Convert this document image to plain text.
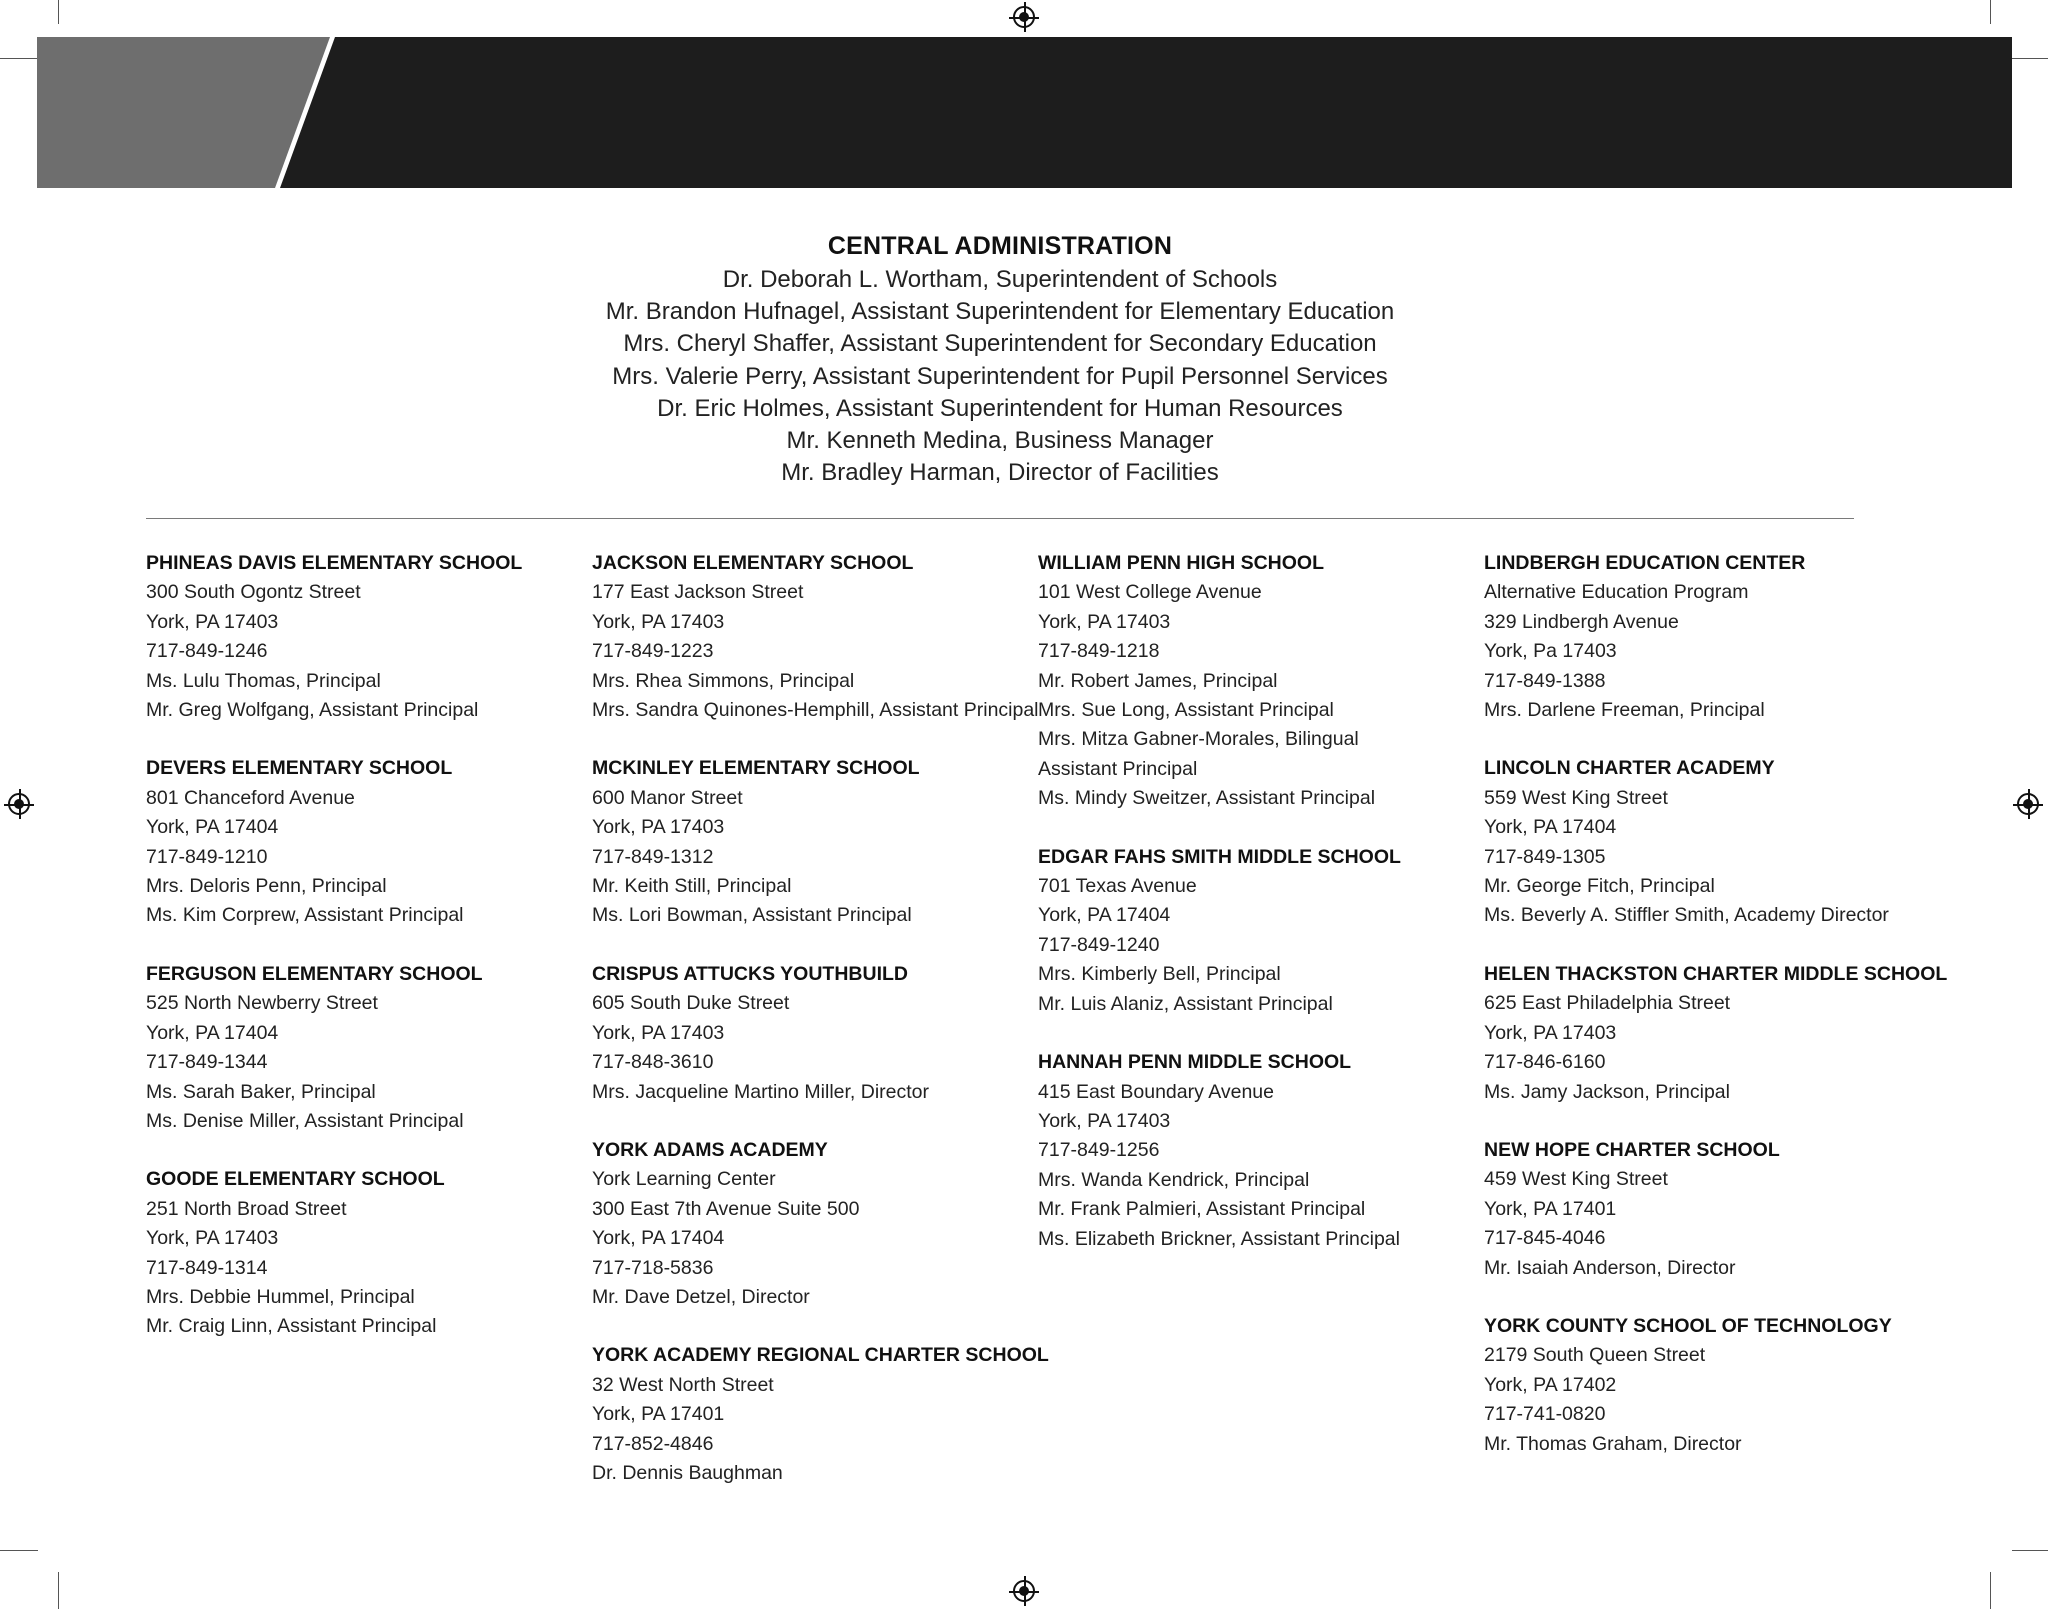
CENTRAL ADMINISTRATION
Dr. Deborah L. Wortham, Superintendent of Schools
Mr. Brandon Hufnagel, Assistant Superintendent for Elementary Education
Mrs. Cheryl Shaffer, Assistant Superintendent for Secondary Education
Mrs. Valerie Perry, Assistant Superintendent for Pupil Personnel Services
Dr. Eric Holmes, Assistant Superintendent for Human Resources
Mr. Kenneth Medina, Business Manager
Mr. Bradley Harman, Director of Facilities
PHINEAS DAVIS ELEMENTARY SCHOOL
300 South Ogontz Street
York, PA 17403
717-849-1246
Ms. Lulu Thomas, Principal
Mr. Greg Wolfgang, Assistant Principal
DEVERS ELEMENTARY SCHOOL
801 Chanceford Avenue
York, PA 17404
717-849-1210
Mrs. Deloris Penn, Principal
Ms. Kim Corprew, Assistant Principal
FERGUSON ELEMENTARY SCHOOL
525 North Newberry Street
York, PA 17404
717-849-1344
Ms. Sarah Baker, Principal
Ms. Denise Miller, Assistant Principal
GOODE ELEMENTARY SCHOOL
251 North Broad Street
York, PA 17403
717-849-1314
Mrs. Debbie Hummel, Principal
Mr. Craig Linn, Assistant Principal
JACKSON ELEMENTARY SCHOOL
177 East Jackson Street
York, PA 17403
717-849-1223
Mrs. Rhea Simmons, Principal
Mrs. Sandra Quinones-Hemphill, Assistant Principal
MCKINLEY ELEMENTARY SCHOOL
600 Manor Street
York, PA 17403
717-849-1312
Mr. Keith Still, Principal
Ms. Lori Bowman, Assistant Principal
CRISPUS ATTUCKS YOUTHBUILD
605 South Duke Street
York, PA 17403
717-848-3610
Mrs. Jacqueline Martino Miller, Director
YORK ADAMS ACADEMY
York Learning Center
300 East 7th Avenue Suite 500
York, PA 17404
717-718-5836
Mr. Dave Detzel, Director
YORK ACADEMY REGIONAL CHARTER SCHOOL
32 West North Street
York, PA 17401
717-852-4846
Dr. Dennis Baughman
WILLIAM PENN HIGH SCHOOL
101 West College Avenue
York, PA 17403
717-849-1218
Mr. Robert James, Principal
Mrs. Sue Long, Assistant Principal
Mrs. Mitza Gabner-Morales, Bilingual
Assistant Principal
Ms. Mindy Sweitzer, Assistant Principal
EDGAR FAHS SMITH MIDDLE SCHOOL
701 Texas Avenue
York, PA 17404
717-849-1240
Mrs. Kimberly Bell, Principal
Mr. Luis Alaniz, Assistant Principal
HANNAH PENN MIDDLE SCHOOL
415 East Boundary Avenue
York, PA 17403
717-849-1256
Mrs. Wanda Kendrick, Principal
Mr. Frank Palmieri, Assistant Principal
Ms. Elizabeth Brickner, Assistant Principal
LINDBERGH EDUCATION CENTER
Alternative Education Program
329 Lindbergh Avenue
York, Pa 17403
717-849-1388
Mrs. Darlene Freeman, Principal
LINCOLN CHARTER ACADEMY
559 West King Street
York, PA 17404
717-849-1305
Mr. George Fitch, Principal
Ms. Beverly A. Stiffler Smith, Academy Director
HELEN THACKSTON CHARTER MIDDLE SCHOOL
625 East Philadelphia Street
York, PA 17403
717-846-6160
Ms. Jamy Jackson, Principal
NEW HOPE CHARTER SCHOOL
459 West King Street
York, PA 17401
717-845-4046
Mr. Isaiah Anderson, Director
YORK COUNTY SCHOOL OF TECHNOLOGY
2179 South Queen Street
York, PA 17402
717-741-0820
Mr. Thomas Graham, Director
